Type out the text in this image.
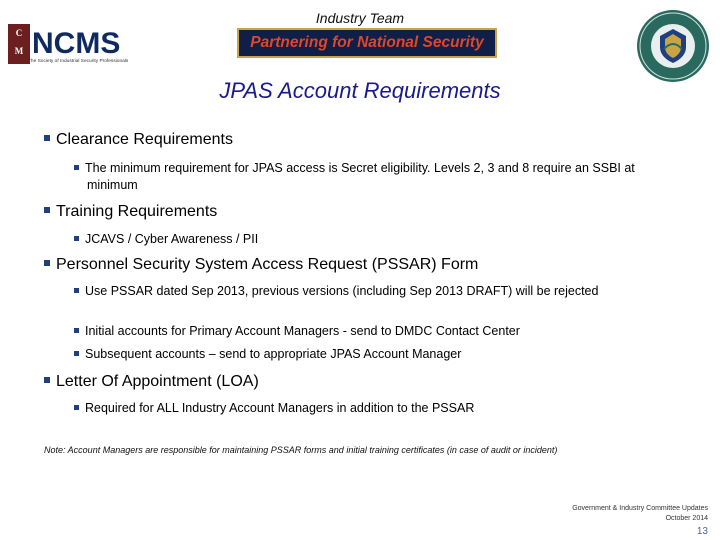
Industry Team
C
M NCMS
The Society of Industrial Security Professionals
Partnering for National Security
JPAS Account Requirements
Clearance Requirements
The minimum requirement for JPAS access is Secret eligibility. Levels 2, 3 and 8 require an SSBI at minimum
Training Requirements
JCAVS / Cyber Awareness / PII
Personnel Security System Access Request (PSSAR) Form
Use PSSAR dated Sep 2013, previous versions (including Sep 2013 DRAFT) will be rejected
Initial accounts for Primary Account Managers - send to DMDC Contact Center
Subsequent accounts – send to appropriate JPAS Account Manager
Letter Of Appointment (LOA)
Required for ALL Industry Account Managers in addition to the PSSAR
Note: Account Managers are responsible for maintaining PSSAR forms and initial training certificates (in case of audit or incident)
Government & Industry Committee Updates
October 2014
13
